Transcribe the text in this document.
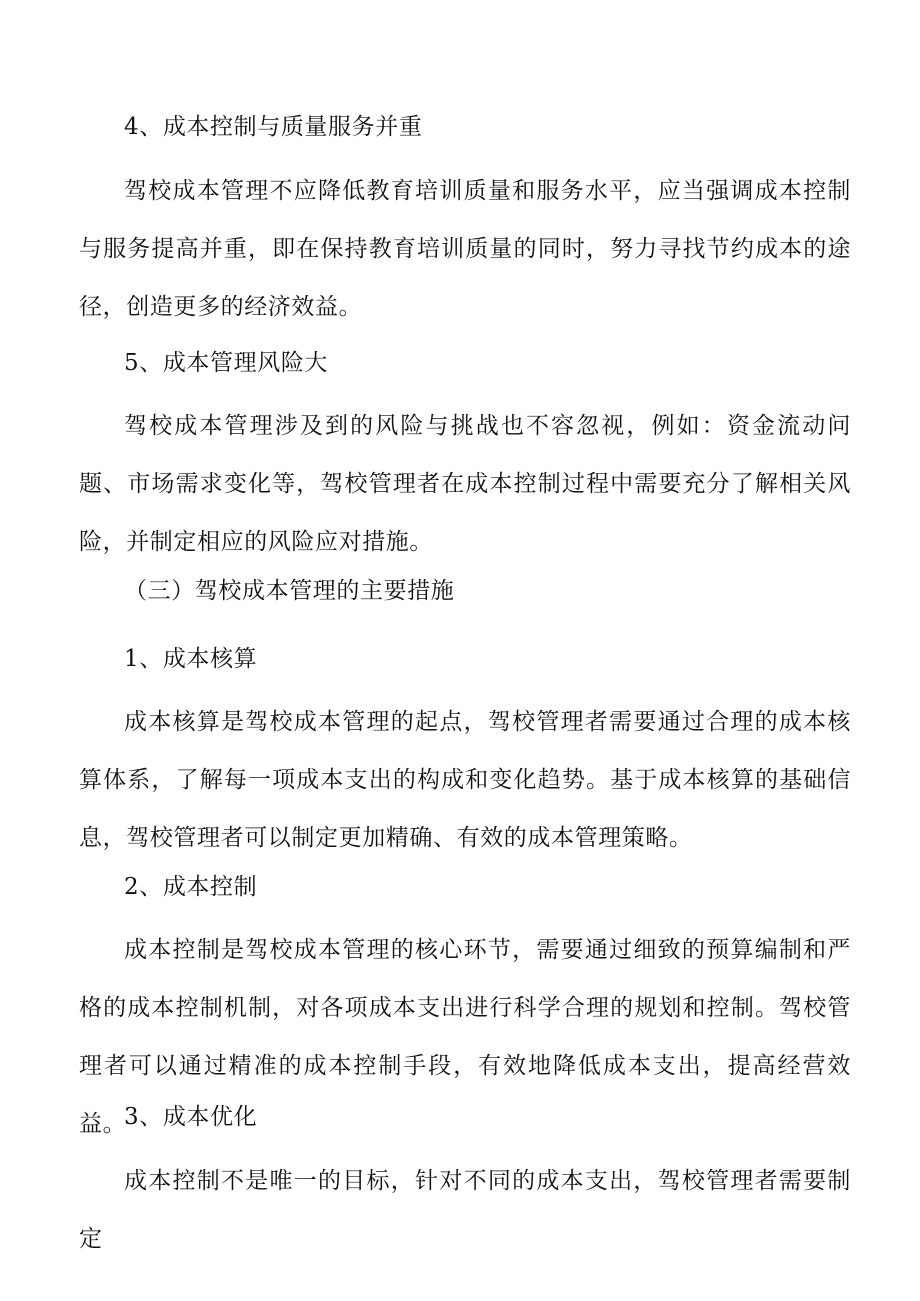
4、成本控制与质量服务并重

驾校成本管理不应降低教育培训质量和服务水平，应当强调成本控制与服务提高并重，即在保持教育培训质量的同时，努力寻找节约成本的途径，创造更多的经济效益。

5、成本管理风险大

驾校成本管理涉及到的风险与挑战也不容忽视，例如：资金流动问题、市场需求变化等，驾校管理者在成本控制过程中需要充分了解相关风险，并制定相应的风险应对措施。

（三）驾校成本管理的主要措施

1、成本核算

成本核算是驾校成本管理的起点，驾校管理者需要通过合理的成本核算体系，了解每一项成本支出的构成和变化趋势。基于成本核算的基础信息，驾校管理者可以制定更加精确、有效的成本管理策略。

2、成本控制

成本控制是驾校成本管理的核心环节，需要通过细致的预算编制和严格的成本控制机制，对各项成本支出进行科学合理的规划和控制。驾校管理者可以通过精准的成本控制手段，有效地降低成本支出，提高经营效益。

3、成本优化

成本控制不是唯一的目标，针对不同的成本支出，驾校管理者需要制定
